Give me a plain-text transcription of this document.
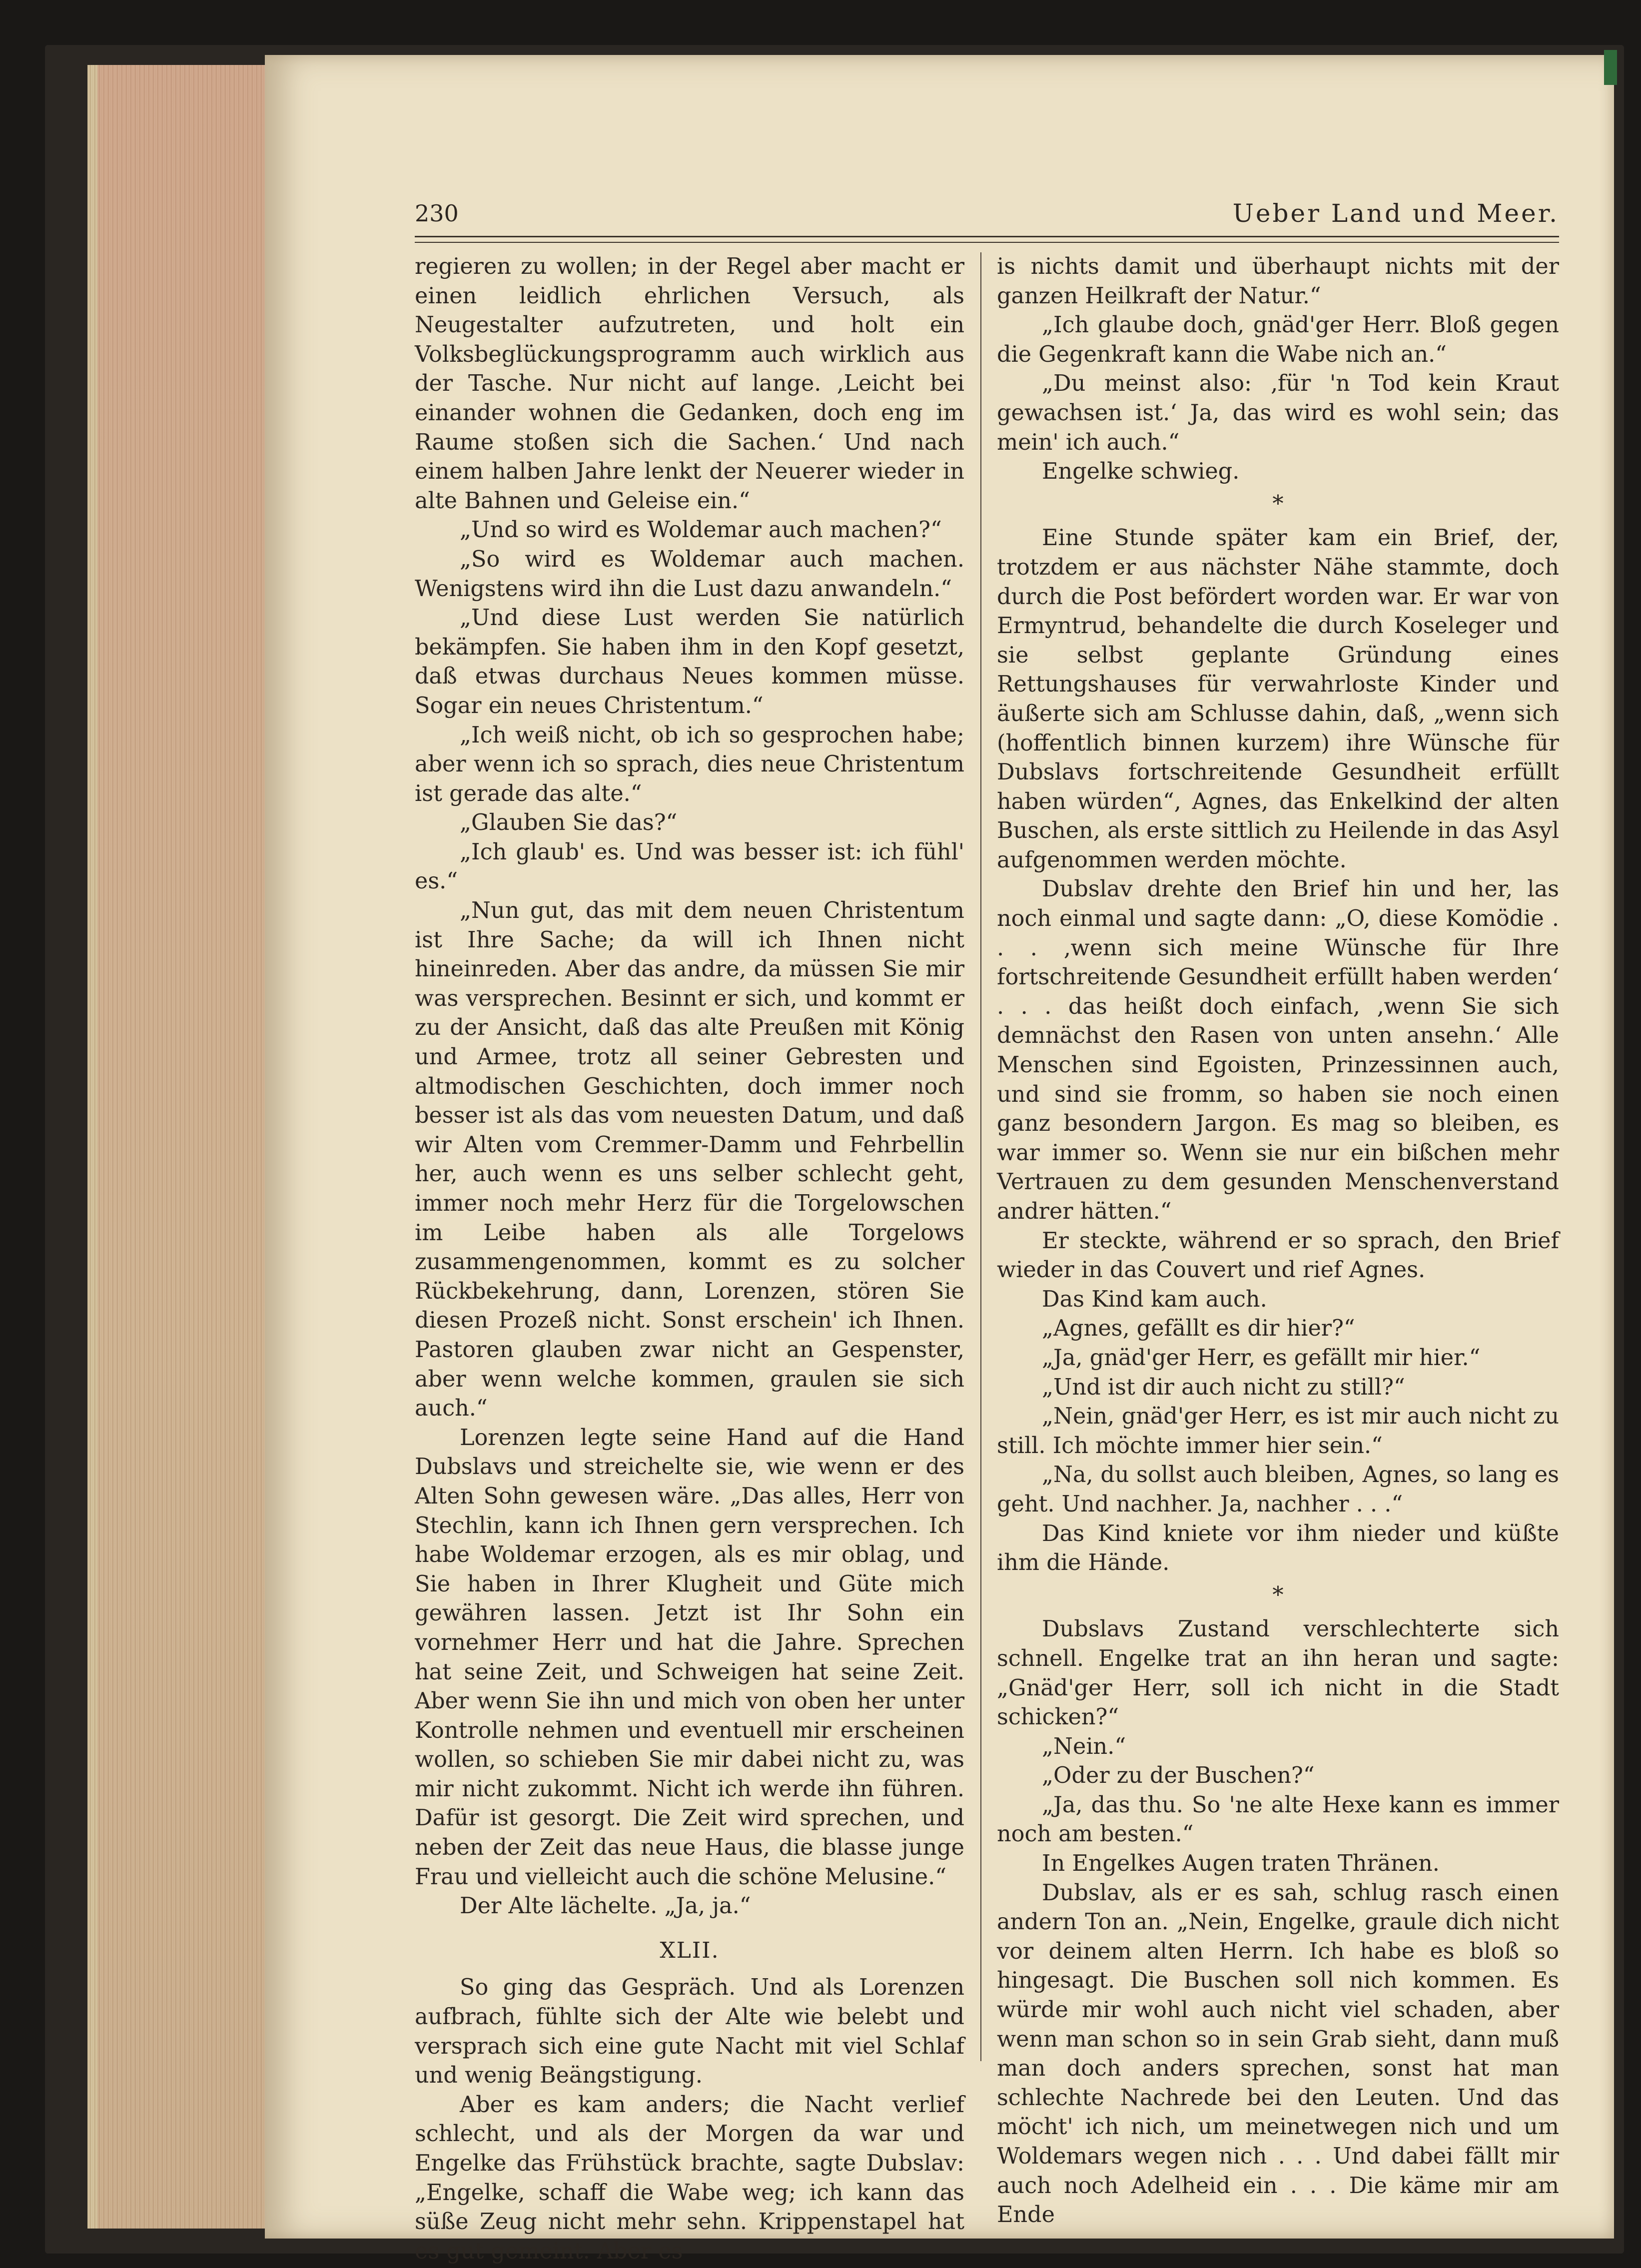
230	Ueber Land und Meer.

regieren zu wollen; in der Regel aber macht er einen leidlich ehrlichen Versuch, als Neugestalter aufzutreten, und holt ein Volksbeglückungsprogramm auch wirklich aus der Tasche. Nur nicht auf lange. ‚Leicht bei einander wohnen die Gedanken, doch eng im Raume stoßen sich die Sachen.‘ Und nach einem halben Jahre lenkt der Neuerer wieder in alte Bahnen und Geleise ein.“

„Und so wird es Woldemar auch machen?“

„So wird es Woldemar auch machen. Wenigstens wird ihn die Lust dazu anwandeln.“

„Und diese Lust werden Sie natürlich bekämpfen. Sie haben ihm in den Kopf gesetzt, daß etwas durchaus Neues kommen müsse. Sogar ein neues Christentum.“

„Ich weiß nicht, ob ich so gesprochen habe; aber wenn ich so sprach, dies neue Christentum ist gerade das alte.“

„Glauben Sie das?“

„Ich glaub' es. Und was besser ist: ich fühl' es.“

„Nun gut, das mit dem neuen Christentum ist Ihre Sache; da will ich Ihnen nicht hineinreden. Aber das andre, da müssen Sie mir was versprechen. Besinnt er sich, und kommt er zu der Ansicht, daß das alte Preußen mit König und Armee, trotz all seiner Gebresten und altmodischen Geschichten, doch immer noch besser ist als das vom neuesten Datum, und daß wir Alten vom Cremmer-Damm und Fehrbellin her, auch wenn es uns selber schlecht geht, immer noch mehr Herz für die Torgelowschen im Leibe haben als alle Torgelows zusammengenommen, kommt es zu solcher Rückbekehrung, dann, Lorenzen, stören Sie diesen Prozeß nicht. Sonst erschein' ich Ihnen. Pastoren glauben zwar nicht an Gespenster, aber wenn welche kommen, graulen sie sich auch.“

Lorenzen legte seine Hand auf die Hand Dubslavs und streichelte sie, wie wenn er des Alten Sohn gewesen wäre. „Das alles, Herr von Stechlin, kann ich Ihnen gern versprechen. Ich habe Woldemar erzogen, als es mir oblag, und Sie haben in Ihrer Klugheit und Güte mich gewähren lassen. Jetzt ist Ihr Sohn ein vornehmer Herr und hat die Jahre. Sprechen hat seine Zeit, und Schweigen hat seine Zeit. Aber wenn Sie ihn und mich von oben her unter Kontrolle nehmen und eventuell mir erscheinen wollen, so schieben Sie mir dabei nicht zu, was mir nicht zukommt. Nicht ich werde ihn führen. Dafür ist gesorgt. Die Zeit wird sprechen, und neben der Zeit das neue Haus, die blasse junge Frau und vielleicht auch die schöne Melusine.“

Der Alte lächelte. „Ja, ja.“

XLII.

So ging das Gespräch. Und als Lorenzen aufbrach, fühlte sich der Alte wie belebt und versprach sich eine gute Nacht mit viel Schlaf und wenig Beängstigung.

Aber es kam anders; die Nacht verlief schlecht, und als der Morgen da war und Engelke das Frühstück brachte, sagte Dubslav: „Engelke, schaff die Wabe weg; ich kann das süße Zeug nicht mehr sehn. Krippenstapel hat es gut gemeint. Aber es

is nichts damit und überhaupt nichts mit der ganzen Heilkraft der Natur.“

„Ich glaube doch, gnäd'ger Herr. Bloß gegen die Gegenkraft kann die Wabe nich an.“

„Du meinst also: ‚für 'n Tod kein Kraut gewachsen ist.‘ Ja, das wird es wohl sein; das mein' ich auch.“

Engelke schwieg.

*

Eine Stunde später kam ein Brief, der, trotzdem er aus nächster Nähe stammte, doch durch die Post befördert worden war. Er war von Ermyntrud, behandelte die durch Koseleger und sie selbst geplante Gründung eines Rettungshauses für verwahrloste Kinder und äußerte sich am Schlusse dahin, daß, „wenn sich (hoffentlich binnen kurzem) ihre Wünsche für Dubslavs fortschreitende Gesundheit erfüllt haben würden“, Agnes, das Enkelkind der alten Buschen, als erste sittlich zu Heilende in das Asyl aufgenommen werden möchte.

Dubslav drehte den Brief hin und her, las noch einmal und sagte dann: „O, diese Komödie . . . ‚wenn sich meine Wünsche für Ihre fortschreitende Gesundheit erfüllt haben werden‘ . . . das heißt doch einfach, ‚wenn Sie sich demnächst den Rasen von unten ansehn.‘ Alle Menschen sind Egoisten, Prinzessinnen auch, und sind sie fromm, so haben sie noch einen ganz besondern Jargon. Es mag so bleiben, es war immer so. Wenn sie nur ein bißchen mehr Vertrauen zu dem gesunden Menschenverstand andrer hätten.“

Er steckte, während er so sprach, den Brief wieder in das Couvert und rief Agnes.

Das Kind kam auch.

„Agnes, gefällt es dir hier?“

„Ja, gnäd'ger Herr, es gefällt mir hier.“

„Und ist dir auch nicht zu still?“

„Nein, gnäd'ger Herr, es ist mir auch nicht zu still. Ich möchte immer hier sein.“

„Na, du sollst auch bleiben, Agnes, so lang es geht. Und nachher. Ja, nachher . . .“

Das Kind kniete vor ihm nieder und küßte ihm die Hände.

*

Dubslavs Zustand verschlechterte sich schnell. Engelke trat an ihn heran und sagte: „Gnäd'ger Herr, soll ich nicht in die Stadt schicken?“

„Nein.“

„Oder zu der Buschen?“

„Ja, das thu. So 'ne alte Hexe kann es immer noch am besten.“

In Engelkes Augen traten Thränen.

Dubslav, als er es sah, schlug rasch einen andern Ton an. „Nein, Engelke, graule dich nicht vor deinem alten Herrn. Ich habe es bloß so hingesagt. Die Buschen soll nich kommen. Es würde mir wohl auch nicht viel schaden, aber wenn man schon so in sein Grab sieht, dann muß man doch anders sprechen, sonst hat man schlechte Nachrede bei den Leuten. Und das möcht' ich nich, um meinetwegen nich und um Woldemars wegen nich . . . Und dabei fällt mir auch noch Adelheid ein . . . Die käme mir am Ende
